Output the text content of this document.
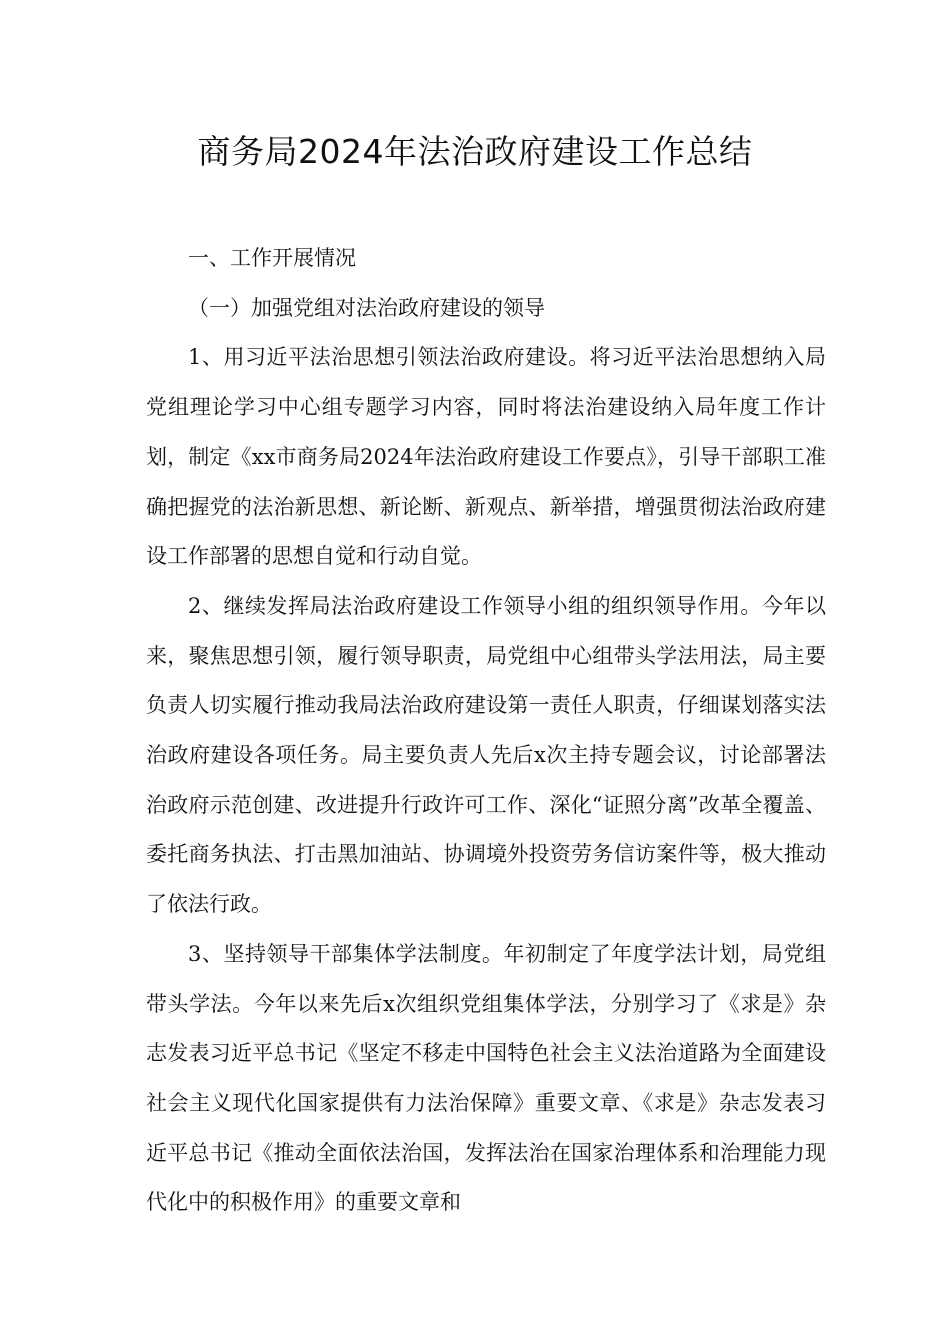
商务局2024年法治政府建设工作总结

一、工作开展情况

（一）加强党组对法治政府建设的领导

1、用习近平法治思想引领法治政府建设。将习近平法治思想纳入局党组理论学习中心组专题学习内容，同时将法治建设纳入局年度工作计划，制定《xx市商务局2024年法治政府建设工作要点》，引导干部职工准确把握党的法治新思想、新论断、新观点、新举措，增强贯彻法治政府建设工作部署的思想自觉和行动自觉。

2、继续发挥局法治政府建设工作领导小组的组织领导作用。今年以来，聚焦思想引领，履行领导职责，局党组中心组带头学法用法，局主要负责人切实履行推动我局法治政府建设第一责任人职责，仔细谋划落实法治政府建设各项任务。局主要负责人先后x次主持专题会议，讨论部署法治政府示范创建、改进提升行政许可工作、深化“证照分离”改革全覆盖、委托商务执法、打击黑加油站、协调境外投资劳务信访案件等，极大推动了依法行政。

3、坚持领导干部集体学法制度。年初制定了年度学法计划，局党组带头学法。今年以来先后x次组织党组集体学法，分别学习了《求是》杂志发表习近平总书记《坚定不移走中国特色社会主义法治道路为全面建设社会主义现代化国家提供有力法治保障》重要文章、《求是》杂志发表习近平总书记《推动全面依法治国，发挥法治在国家治理体系和治理能力现代化中的积极作用》的重要文章和
